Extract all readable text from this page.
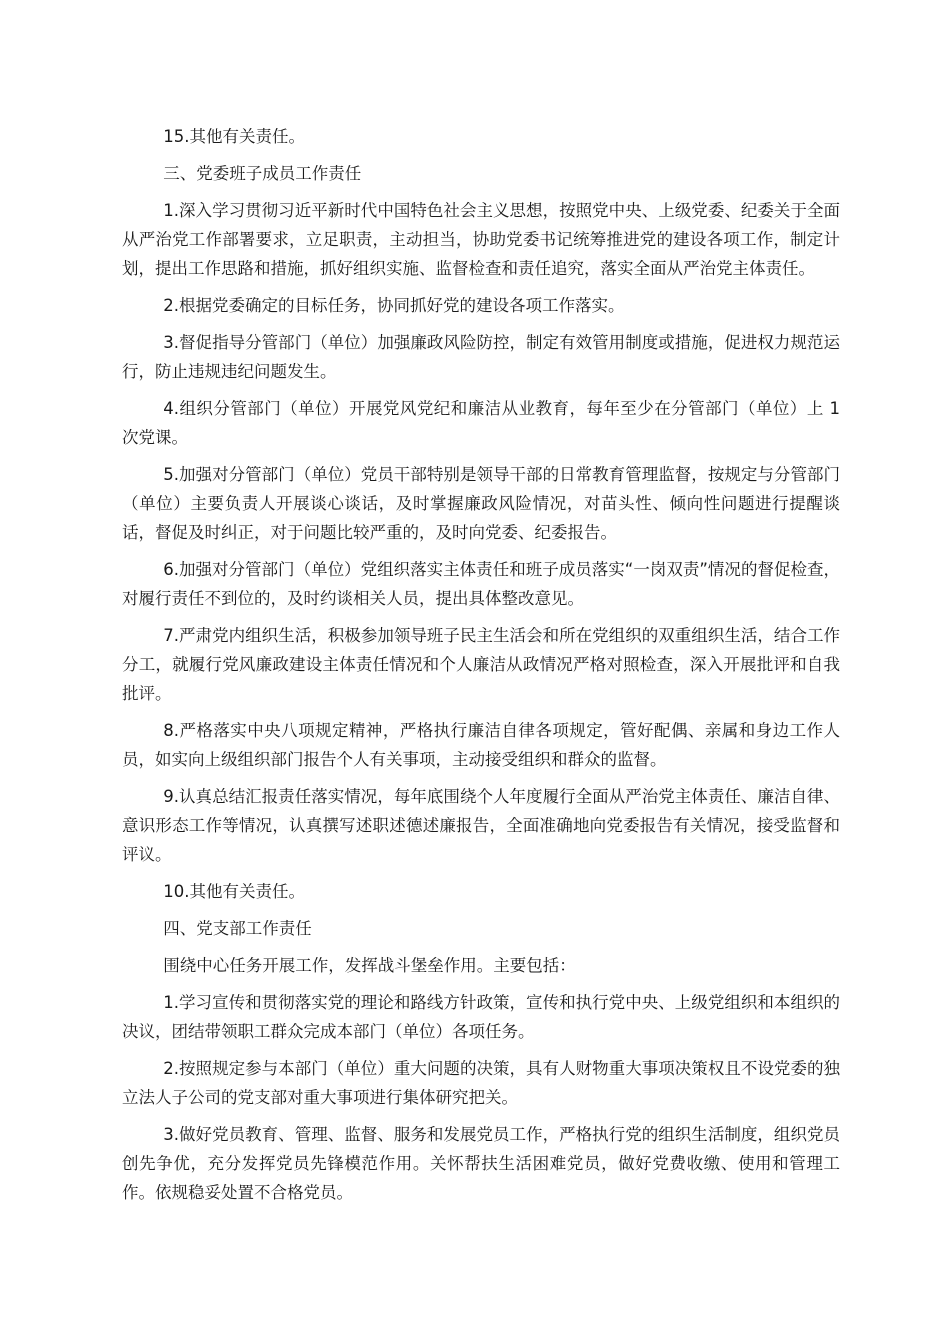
15.其他有关责任。

三、党委班子成员工作责任

1.深入学习贯彻习近平新时代中国特色社会主义思想，按照党中央、上级党委、纪委关于全面从严治党工作部署要求，立足职责，主动担当，协助党委书记统筹推进党的建设各项工作，制定计划，提出工作思路和措施，抓好组织实施、监督检查和责任追究，落实全面从严治党主体责任。

2.根据党委确定的目标任务，协同抓好党的建设各项工作落实。

3.督促指导分管部门（单位）加强廉政风险防控，制定有效管用制度或措施，促进权力规范运行，防止违规违纪问题发生。

4.组织分管部门（单位）开展党风党纪和廉洁从业教育，每年至少在分管部门（单位）上 1 次党课。

5.加强对分管部门（单位）党员干部特别是领导干部的日常教育管理监督，按规定与分管部门（单位）主要负责人开展谈心谈话，及时掌握廉政风险情况，对苗头性、倾向性问题进行提醒谈话，督促及时纠正，对于问题比较严重的，及时向党委、纪委报告。

6.加强对分管部门（单位）党组织落实主体责任和班子成员落实“一岗双责”情况的督促检查，对履行责任不到位的，及时约谈相关人员，提出具体整改意见。

7.严肃党内组织生活，积极参加领导班子民主生活会和所在党组织的双重组织生活，结合工作分工，就履行党风廉政建设主体责任情况和个人廉洁从政情况严格对照检查，深入开展批评和自我批评。

8.严格落实中央八项规定精神，严格执行廉洁自律各项规定，管好配偶、亲属和身边工作人员，如实向上级组织部门报告个人有关事项，主动接受组织和群众的监督。

9.认真总结汇报责任落实情况，每年底围绕个人年度履行全面从严治党主体责任、廉洁自律、意识形态工作等情况，认真撰写述职述德述廉报告，全面准确地向党委报告有关情况，接受监督和评议。

10.其他有关责任。

四、党支部工作责任

围绕中心任务开展工作，发挥战斗堡垒作用。主要包括：

1.学习宣传和贯彻落实党的理论和路线方针政策，宣传和执行党中央、上级党组织和本组织的决议，团结带领职工群众完成本部门（单位）各项任务。

2.按照规定参与本部门（单位）重大问题的决策，具有人财物重大事项决策权且不设党委的独立法人子公司的党支部对重大事项进行集体研究把关。

3.做好党员教育、管理、监督、服务和发展党员工作，严格执行党的组织生活制度，组织党员创先争优，充分发挥党员先锋模范作用。关怀帮扶生活困难党员，做好党费收缴、使用和管理工作。依规稳妥处置不合格党员。
